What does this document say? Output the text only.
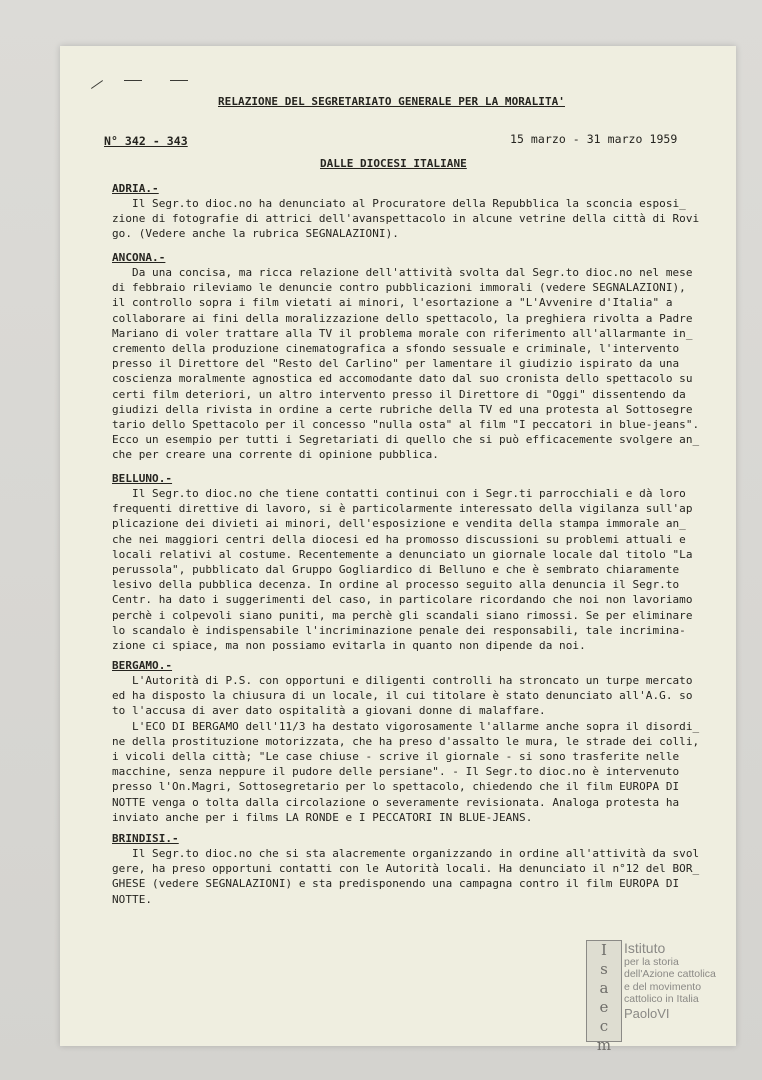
RELAZIONE DEL SEGRETARIATO GENERALE PER LA MORALITA'
N° 342 - 343	15 marzo - 31 marzo 1959
DALLE DIOCESI ITALIANE
ADRIA.-
Il Segr.to dioc.no ha denunciato al Procuratore della Repubblica la sconcia esposi_
zione di fotografie di attrici dell'avanspettacolo in alcune vetrine della città di Rovi
go. (Vedere anche la rubrica SEGNALAZIONI).
ANCONA.-
Da una concisa, ma ricca relazione dell'attività svolta dal Segr.to dioc.no nel mese
di febbraio rileviamo le denuncie contro pubblicazioni immorali (vedere SEGNALAZIONI),
il controllo sopra i film vietati ai minori, l'esortazione a "L'Avvenire d'Italia" a
collaborare ai fini della moralizzazione dello spettacolo, la preghiera rivolta a Padre
Mariano di voler trattare alla TV il problema morale con riferimento all'allarmante in_
cremento della produzione cinematografica a sfondo sessuale e criminale, l'intervento
presso il Direttore del "Resto del Carlino" per lamentare il giudizio ispirato da una
coscienza moralmente agnostica ed accomodante dato dal suo cronista dello spettacolo su
certi film deteriori, un altro intervento presso il Direttore di "Oggi" dissentendo da
giudizi della rivista in ordine a certe rubriche della TV ed una protesta al Sottosegre
tario dello Spettacolo per il concesso "nulla osta" al film "I peccatori in blue-jeans".
Ecco un esempio per tutti i Segretariati di quello che si può efficacemente svolgere an_
che per creare una corrente di opinione pubblica.
BELLUNO.-
Il Segr.to dioc.no che tiene contatti continui con i Segr.ti parrocchiali e dà loro
frequenti direttive di lavoro, si è particolarmente interessato della vigilanza sull'ap
plicazione dei divieti ai minori, dell'esposizione e vendita della stampa immorale an_
che nei maggiori centri della diocesi ed ha promosso discussioni su problemi attuali e
locali relativi al costume. Recentemente a denunciato un giornale locale dal titolo "La
perussola", pubblicato dal Gruppo Gogliardico di Belluno e che è sembrato chiaramente
lesivo della pubblica decenza. In ordine al processo seguito alla denuncia il Segr.to
Centr. ha dato i suggerimenti del caso, in particolare ricordando che noi non lavoriamo
perchè i colpevoli siano puniti, ma perchè gli scandali siano rimossi. Se per eliminare
lo scandalo è indispensabile l'incriminazione penale dei responsabili, tale incrimina-
zione ci spiace, ma non possiamo evitarla in quanto non dipende da noi.
BERGAMO.-
L'Autorità di P.S. con opportuni e diligenti controlli ha stroncato un turpe mercato
ed ha disposto la chiusura di un locale, il cui titolare è stato denunciato all'A.G. so
to l'accusa di aver dato ospitalità a giovani donne di malaffare.
L'ECO DI BERGAMO dell'11/3 ha destato vigorosamente l'allarme anche sopra il disordi_
ne della prostituzione motorizzata, che ha preso d'assalto le mura, le strade dei colli,
i vicoli della città; "Le case chiuse - scrive il giornale - si sono trasferite nelle
macchine, senza neppure il pudore delle persiane". - Il Segr.to dioc.no è intervenuto
presso l'On.Magri, Sottosegretario per lo spettacolo, chiedendo che il film EUROPA DI
NOTTE venga o tolta dalla circolazione o severamente revisionata. Analoga protesta ha
inviato anche per i films LA RONDE e I PECCATORI IN BLUE-JEANS.
BRINDISI.-
Il Segr.to dioc.no che si sta alacremente organizzando in ordine all'attività da svol
gere, ha preso opportuni contatti con le Autorità locali. Ha denunciato il n°12 del BOR_
GHESE (vedere SEGNALAZIONI) e sta predisponendo una campagna contro il film EUROPA DI
NOTTE.
I
s
a
e
c
m
Istituto
per la storia
dell'Azione cattolica
e del movimento
cattolico in Italia
PaoloVI
